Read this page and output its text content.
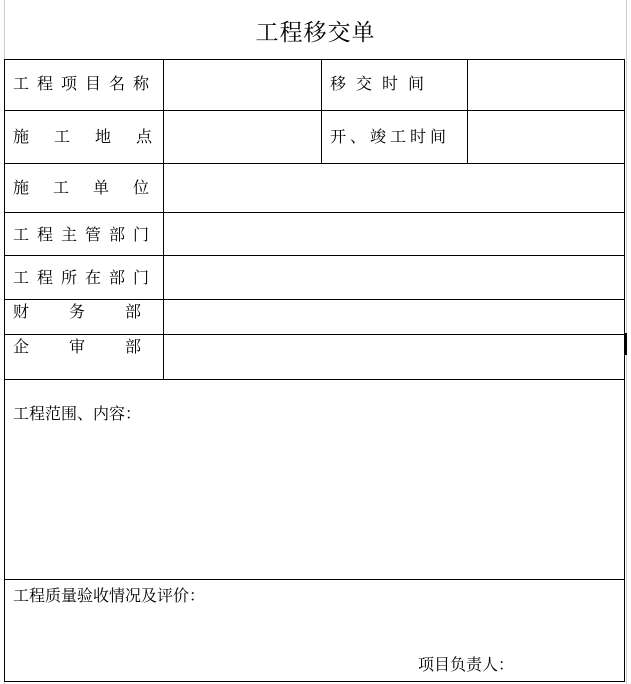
工程移交单
工程项目名称	移交时间
施工地点	开、竣工时间
施工单位
工程主管部门
工程所在部门
财务部
企审部
工程范围、内容：
工程质量验收情况及评价：
项目负责人：
